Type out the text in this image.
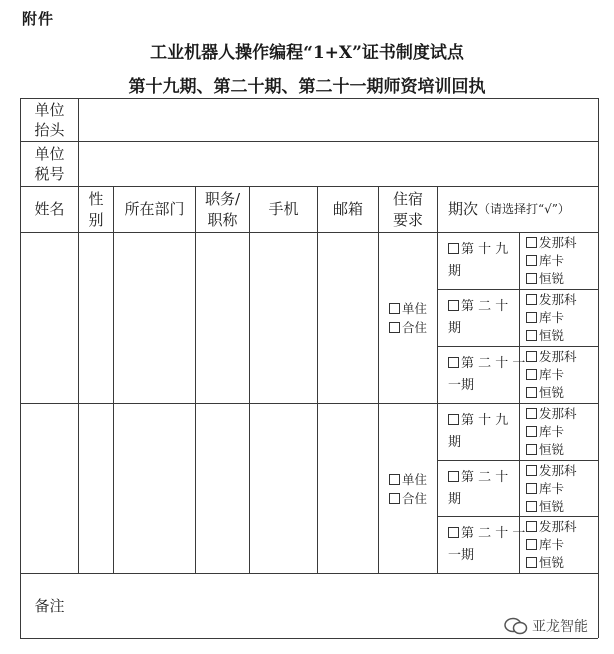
附件
工业机器人操作编程“1+X”证书制度试点
第十九期、第二十期、第二十一期师资培训回执
单位
抬头
单位
税号
姓名
性
别
所在部门
职务/
职称
手机	邮箱
住宿
要求
期次 （请选择打“√”）
单住
合住
单住
合住
第 十 九
期
第 二 十
期
第 二 十 一
一期
发那科
库卡
恒锐
发那科
库卡
恒锐
发那科
库卡
恒锐
第 十 九
期
第 二 十
期
第 二 十 一
一期
发那科
库卡
恒锐
发那科
库卡
恒锐
发那科
库卡
恒锐
备注
亚龙智能
